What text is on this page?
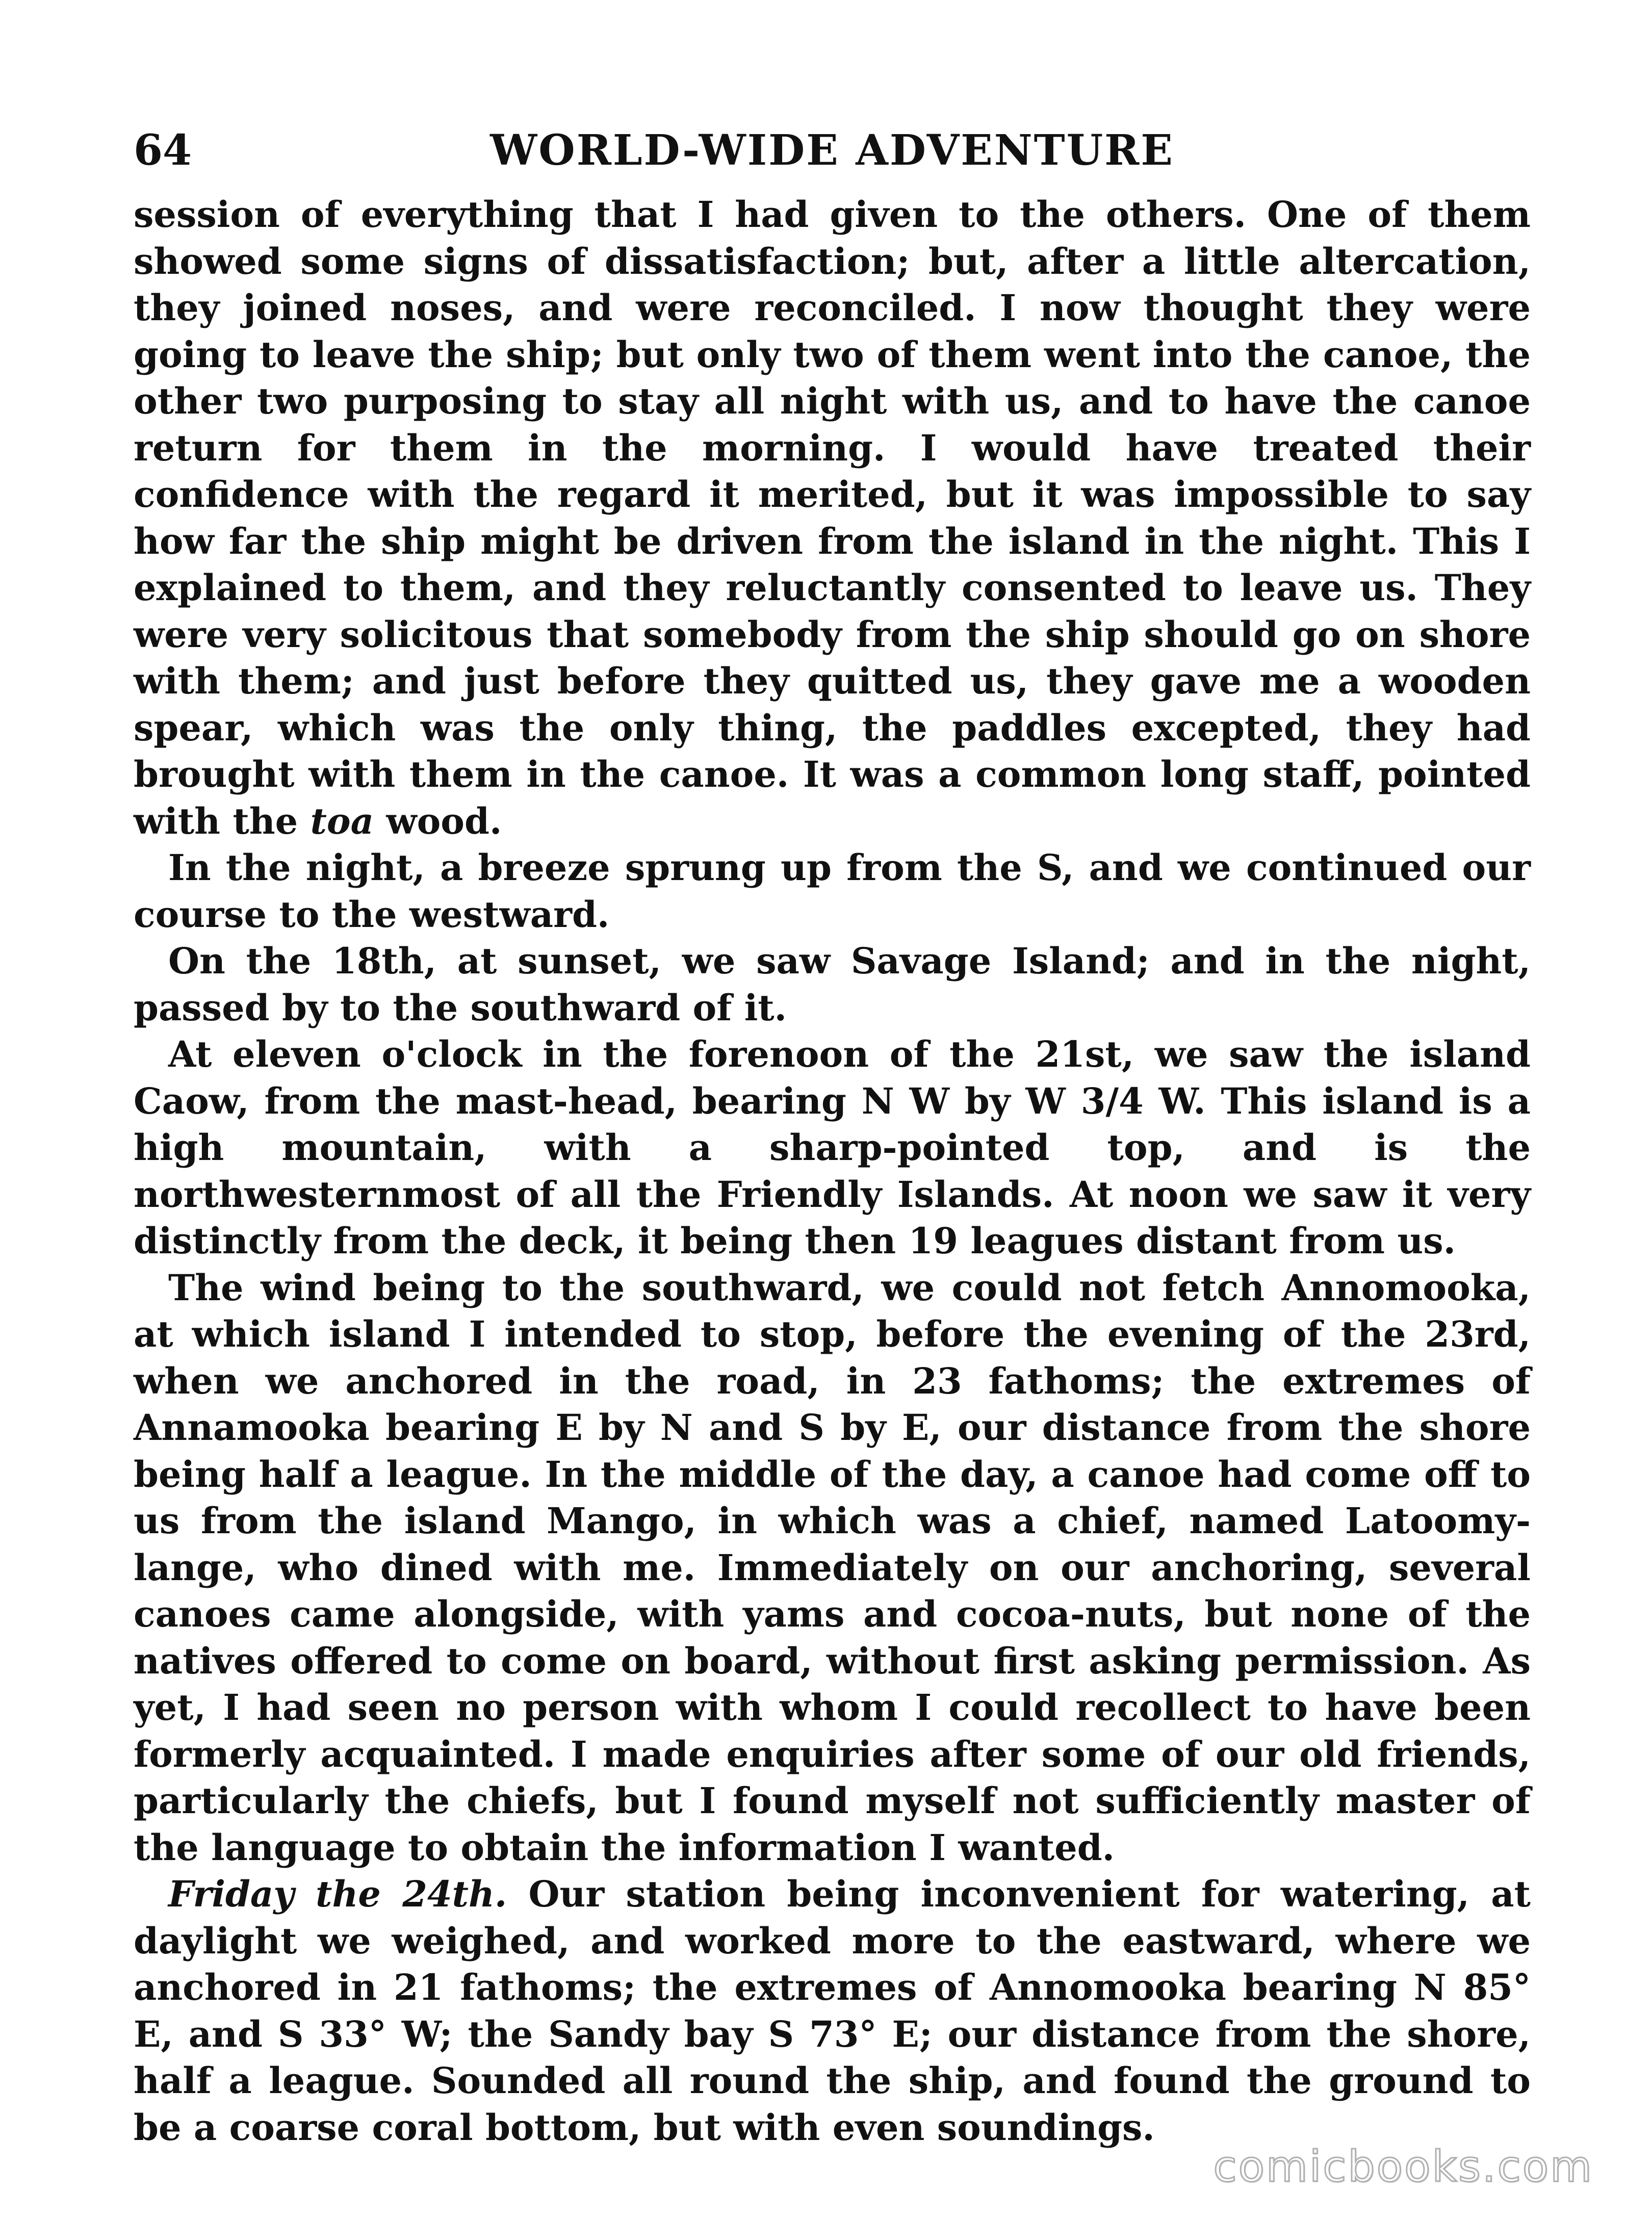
64	WORLD-WIDE ADVENTURE

session of everything that I had given to the others. One of them showed some signs of dissatisfaction; but, after a little altercation, they joined noses, and were reconciled. I now thought they were going to leave the ship; but only two of them went into the canoe, the other two purposing to stay all night with us, and to have the canoe return for them in the morning. I would have treated their confidence with the regard it merited, but it was impossible to say how far the ship might be driven from the island in the night. This I explained to them, and they reluctantly consented to leave us. They were very solicitous that somebody from the ship should go on shore with them; and just before they quitted us, they gave me a wooden spear, which was the only thing, the paddles excepted, they had brought with them in the canoe. It was a common long staff, pointed with the toa wood.

In the night, a breeze sprung up from the S, and we continued our course to the westward.

On the 18th, at sunset, we saw Savage Island; and in the night, passed by to the southward of it.

At eleven o'clock in the forenoon of the 21st, we saw the island Caow, from the mast-head, bearing N W by W 3/4 W. This island is a high mountain, with a sharp-pointed top, and is the northwesternmost of all the Friendly Islands. At noon we saw it very distinctly from the deck, it being then 19 leagues distant from us.

The wind being to the southward, we could not fetch Annomooka, at which island I intended to stop, before the evening of the 23rd, when we anchored in the road, in 23 fathoms; the extremes of Annamooka bearing E by N and S by E, our distance from the shore being half a league. In the middle of the day, a canoe had come off to us from the island Mango, in which was a chief, named Latoomy-lange, who dined with me. Immediately on our anchoring, several canoes came alongside, with yams and cocoa-nuts, but none of the natives offered to come on board, without first asking permission. As yet, I had seen no person with whom I could recollect to have been formerly acquainted. I made enquiries after some of our old friends, particularly the chiefs, but I found myself not sufficiently master of the language to obtain the information I wanted.

Friday the 24th. Our station being inconvenient for watering, at daylight we weighed, and worked more to the eastward, where we anchored in 21 fathoms; the extremes of Annomooka bearing N 85° E, and S 33° W; the Sandy bay S 73° E; our distance from the shore, half a league. Sounded all round the ship, and found the ground to be a coarse coral bottom, but with even soundings.

comicbooks.com
